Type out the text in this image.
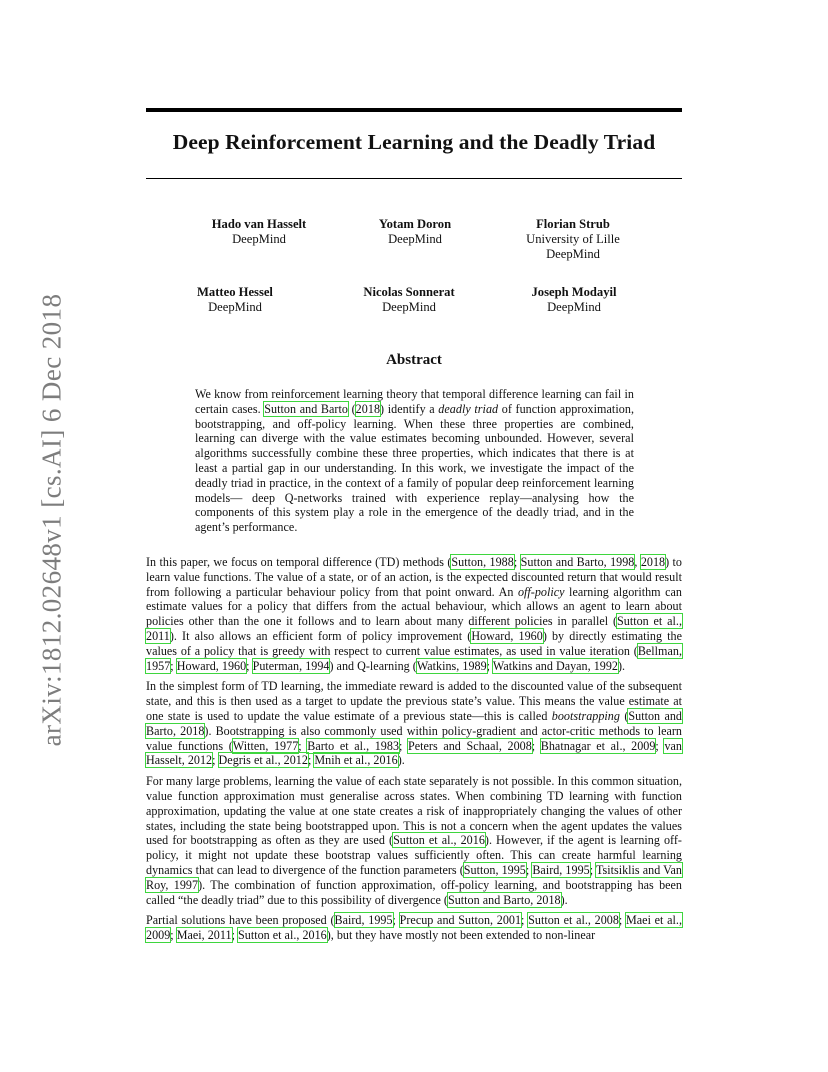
arXiv:1812.02648v1 [cs.AI] 6 Dec 2018
Deep Reinforcement Learning and the Deadly Triad
Hado van Hasselt
DeepMind
Yotam Doron
DeepMind
Florian Strub
University of Lille
DeepMind
Matteo Hessel
DeepMind
Nicolas Sonnerat
DeepMind
Joseph Modayil
DeepMind
Abstract

We know from reinforcement learning theory that temporal difference learning can fail in certain cases. Sutton and Barto (2018) identify a deadly triad of function approximation, bootstrapping, and off-policy learning. When these three properties are combined, learning can diverge with the value estimates becoming unbounded. However, several algorithms successfully combine these three properties, which indicates that there is at least a partial gap in our understanding. In this work, we investigate the impact of the deadly triad in practice, in the context of a family of popular deep reinforcement learning models— deep Q-networks trained with experience replay—analysing how the components of this system play a role in the emergence of the deadly triad, and in the agent’s performance.

In this paper, we focus on temporal difference (TD) methods (Sutton, 1988; Sutton and Barto, 1998, 2018) to learn value functions. The value of a state, or of an action, is the expected discounted return that would result from following a particular behaviour policy from that point onward. An off-policy learning algorithm can estimate values for a policy that differs from the actual behaviour, which allows an agent to learn about policies other than the one it follows and to learn about many different policies in parallel (Sutton et al., 2011). It also allows an efficient form of policy improvement (Howard, 1960) by directly estimating the values of a policy that is greedy with respect to current value estimates, as used in value iteration (Bellman, 1957; Howard, 1960; Puterman, 1994) and Q-learning (Watkins, 1989; Watkins and Dayan, 1992).

In the simplest form of TD learning, the immediate reward is added to the discounted value of the subsequent state, and this is then used as a target to update the previous state’s value. This means the value estimate at one state is used to update the value estimate of a previous state—this is called bootstrapping (Sutton and Barto, 2018). Bootstrapping is also commonly used within policy-gradient and actor-critic methods to learn value functions (Witten, 1977; Barto et al., 1983; Peters and Schaal, 2008; Bhatnagar et al., 2009; van Hasselt, 2012; Degris et al., 2012; Mnih et al., 2016).

For many large problems, learning the value of each state separately is not possible. In this common situation, value function approximation must generalise across states. When combining TD learning with function approximation, updating the value at one state creates a risk of inappropriately changing the values of other states, including the state being bootstrapped upon. This is not a concern when the agent updates the values used for bootstrapping as often as they are used (Sutton et al., 2016). However, if the agent is learning off-policy, it might not update these bootstrap values sufficiently often. This can create harmful learning dynamics that can lead to divergence of the function parameters (Sutton, 1995; Baird, 1995; Tsitsiklis and Van Roy, 1997). The combination of function approximation, off-policy learning, and bootstrapping has been called “the deadly triad” due to this possibility of divergence (Sutton and Barto, 2018).

Partial solutions have been proposed (Baird, 1995; Precup and Sutton, 2001; Sutton et al., 2008; Maei et al., 2009; Maei, 2011; Sutton et al., 2016), but they have mostly not been extended to non-linear
